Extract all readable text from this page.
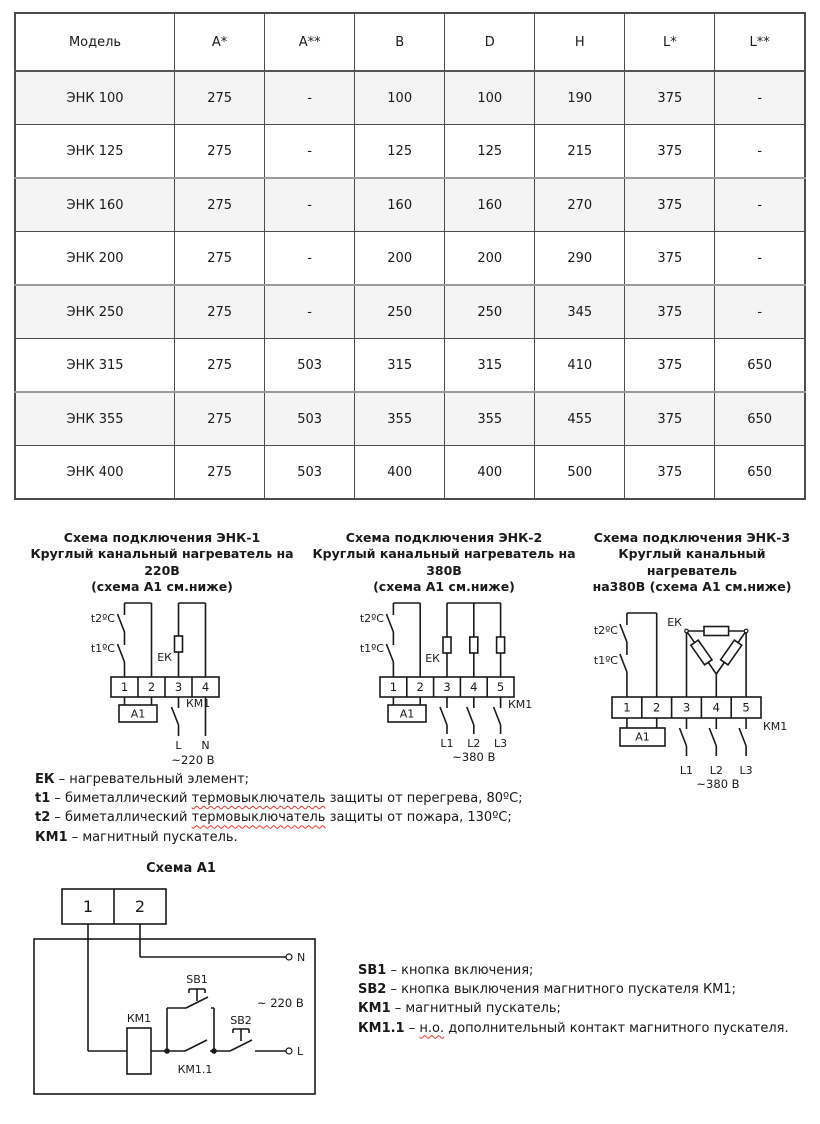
Модель	A*	A**	B	D	H	L*	L**
ЭНК 100	275	-	100	100	190	375	-
ЭНК 125	275	-	125	125	215	375	-
ЭНК 160	275	-	160	160	270	375	-
ЭНК 200	275	-	200	200	290	375	-
ЭНК 250	275	-	250	250	345	375	-
ЭНК 315	275	503	315	315	410	375	650
ЭНК 355	275	503	355	355	455	375	650
ЭНК 400	275	503	400	400	500	375	650
Схема подключения ЭНК-1
Круглый канальный нагреватель на 220В
(схема А1 см.ниже)
t2ºC
t1ºC
ЕК
1 2 3 4
А1
КМ1
L N
~220 В
Схема подключения ЭНК-2
Круглый канальный нагреватель на 380В
(схема А1 см.ниже)
t2ºC
t1ºC
ЕК
1 2 3 4 5
А1
КМ1
L1 L2 L3
~380 В
Схема подключения ЭНК-3
Круглый канальный нагреватель
на380В (схема А1 см.ниже)
t2ºC
t1ºC
ЕК
1 2 3 4 5
А1
КМ1
L1 L2 L3
~380 В
ЕК – нагревательный элемент;
t1 – биметаллический термовыключатель защиты от перегрева, 80ºС;
t2 – биметаллический термовыключатель защиты от пожара, 130ºС;
КМ1 – магнитный пускатель.
Схема А1
1	2
N
КМ1
КМ1.1
SB1
SB2
L
~ 220 В
SB1 – кнопка включения;
SB2 – кнопка выключения магнитного пускателя КМ1;
КМ1 – магнитный пускатель;
КМ1.1 – н.о. дополнительный контакт магнитного пускателя.
